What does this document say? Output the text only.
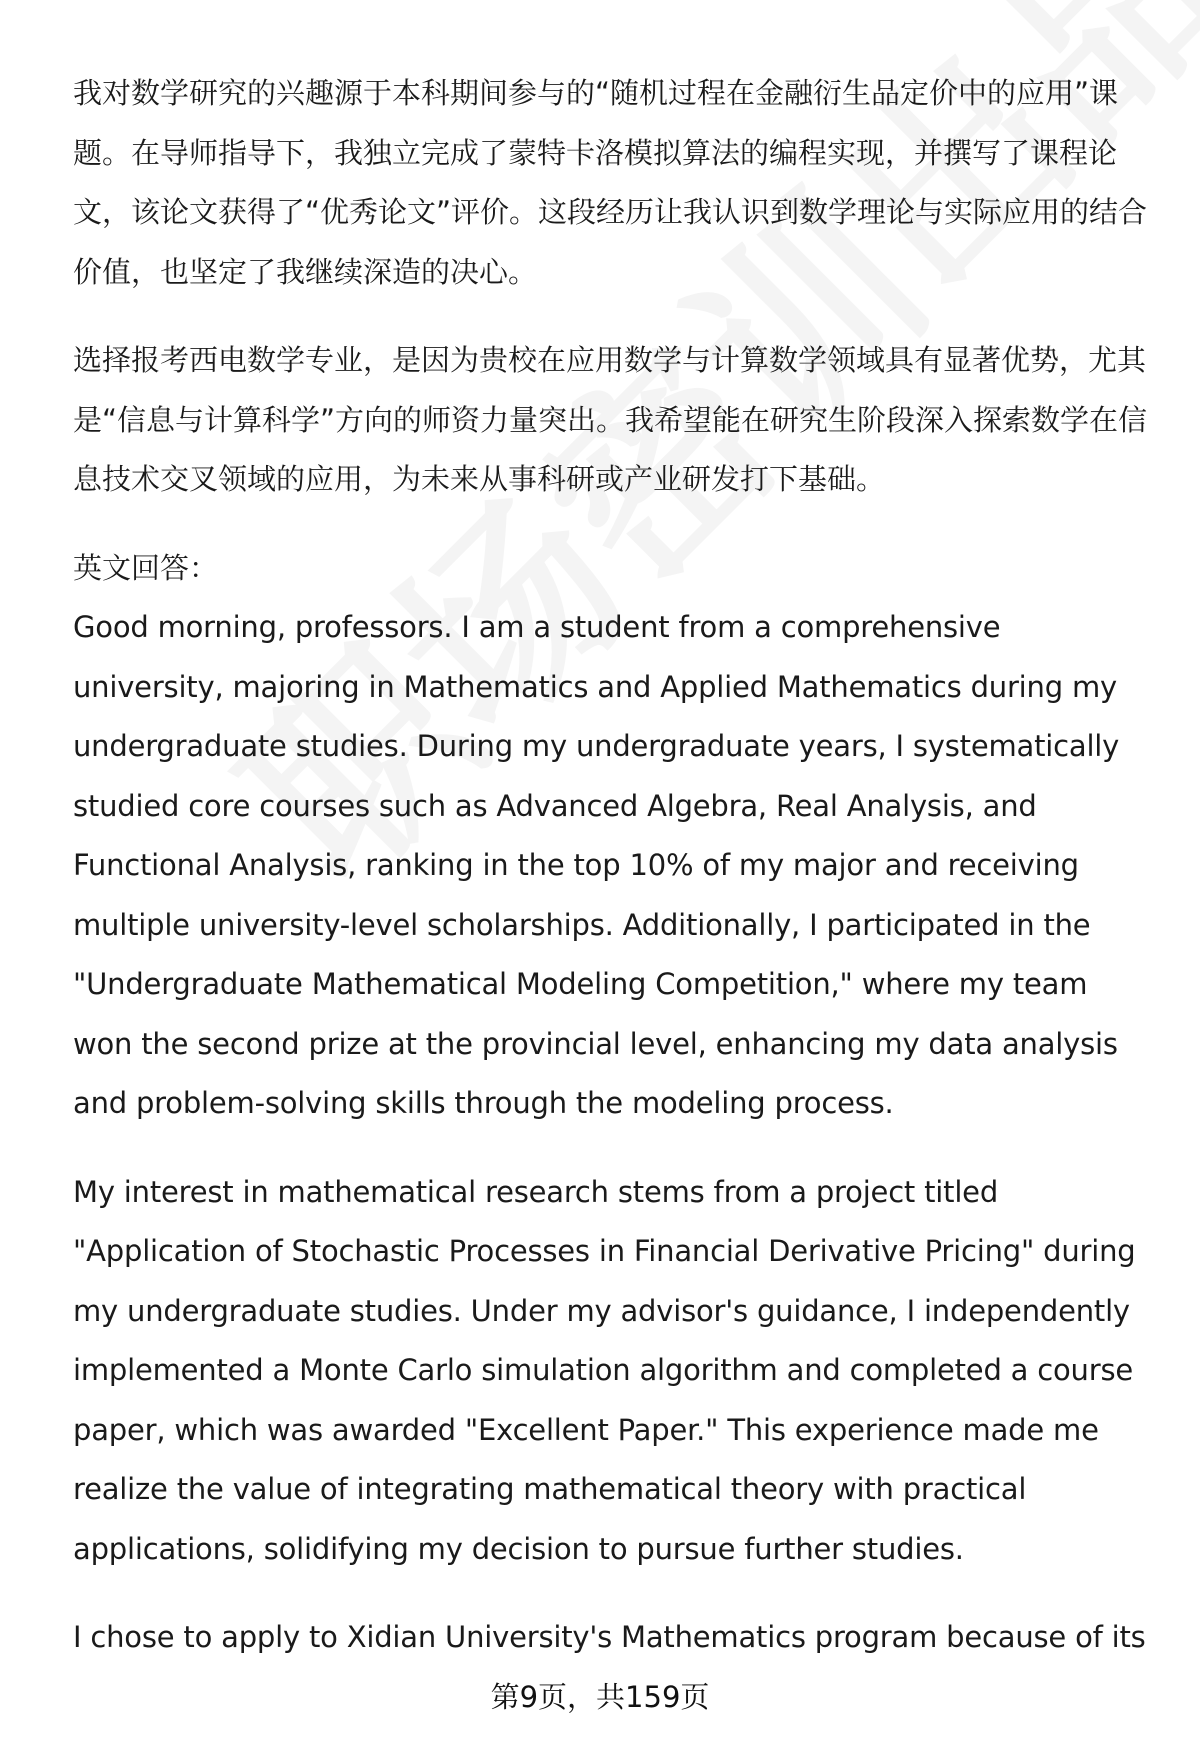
我对数学研究的兴趣源于本科期间参与的“随机过程在金融衍生品定价中的应用”课题。在导师指导下，我独立完成了蒙特卡洛模拟算法的编程实现，并撰写了课程论文，该论文获得了“优秀论文”评价。这段经历让我认识到数学理论与实际应用的结合价值，也坚定了我继续深造的决心。

选择报考西电数学专业，是因为贵校在应用数学与计算数学领域具有显著优势，尤其是“信息与计算科学”方向的师资力量突出。我希望能在研究生阶段深入探索数学在信息技术交叉领域的应用，为未来从事科研或产业研发打下基础。

英文回答：

Good morning, professors. I am a student from a comprehensive university, majoring in Mathematics and Applied Mathematics during my undergraduate studies. During my undergraduate years, I systematically studied core courses such as Advanced Algebra, Real Analysis, and Functional Analysis, ranking in the top 10% of my major and receiving multiple university-level scholarships. Additionally, I participated in the "Undergraduate Mathematical Modeling Competition," where my team won the second prize at the provincial level, enhancing my data analysis and problem-solving skills through the modeling process.

My interest in mathematical research stems from a project titled "Application of Stochastic Processes in Financial Derivative Pricing" during my undergraduate studies. Under my advisor's guidance, I independently implemented a Monte Carlo simulation algorithm and completed a course paper, which was awarded "Excellent Paper." This experience made me realize the value of integrating mathematical theory with practical applications, solidifying my decision to pursue further studies.

I chose to apply to Xidian University's Mathematics program because of its

第9页，共159页
